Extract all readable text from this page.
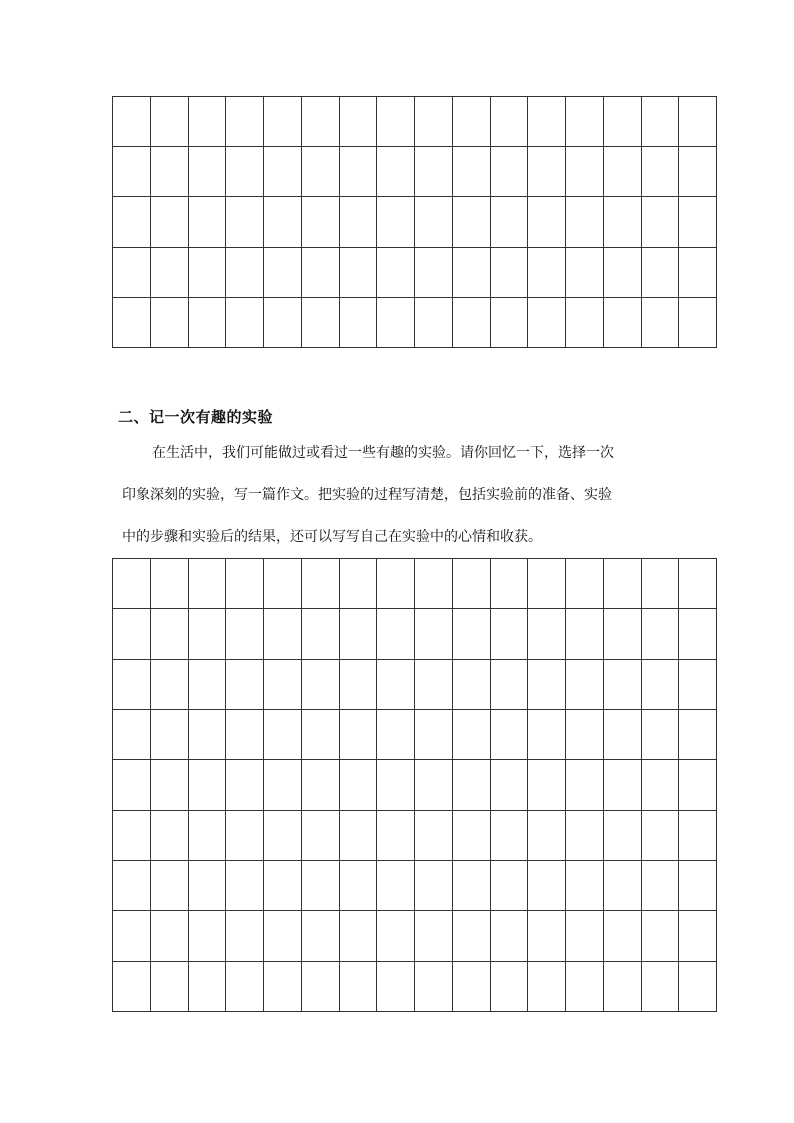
二、记一次有趣的实验
在生活中，我们可能做过或看过一些有趣的实验。请你回忆一下，选择一次
印象深刻的实验，写一篇作文。把实验的过程写清楚，包括实验前的准备、实验
中的步骤和实验后的结果，还可以写写自己在实验中的心情和收获。
